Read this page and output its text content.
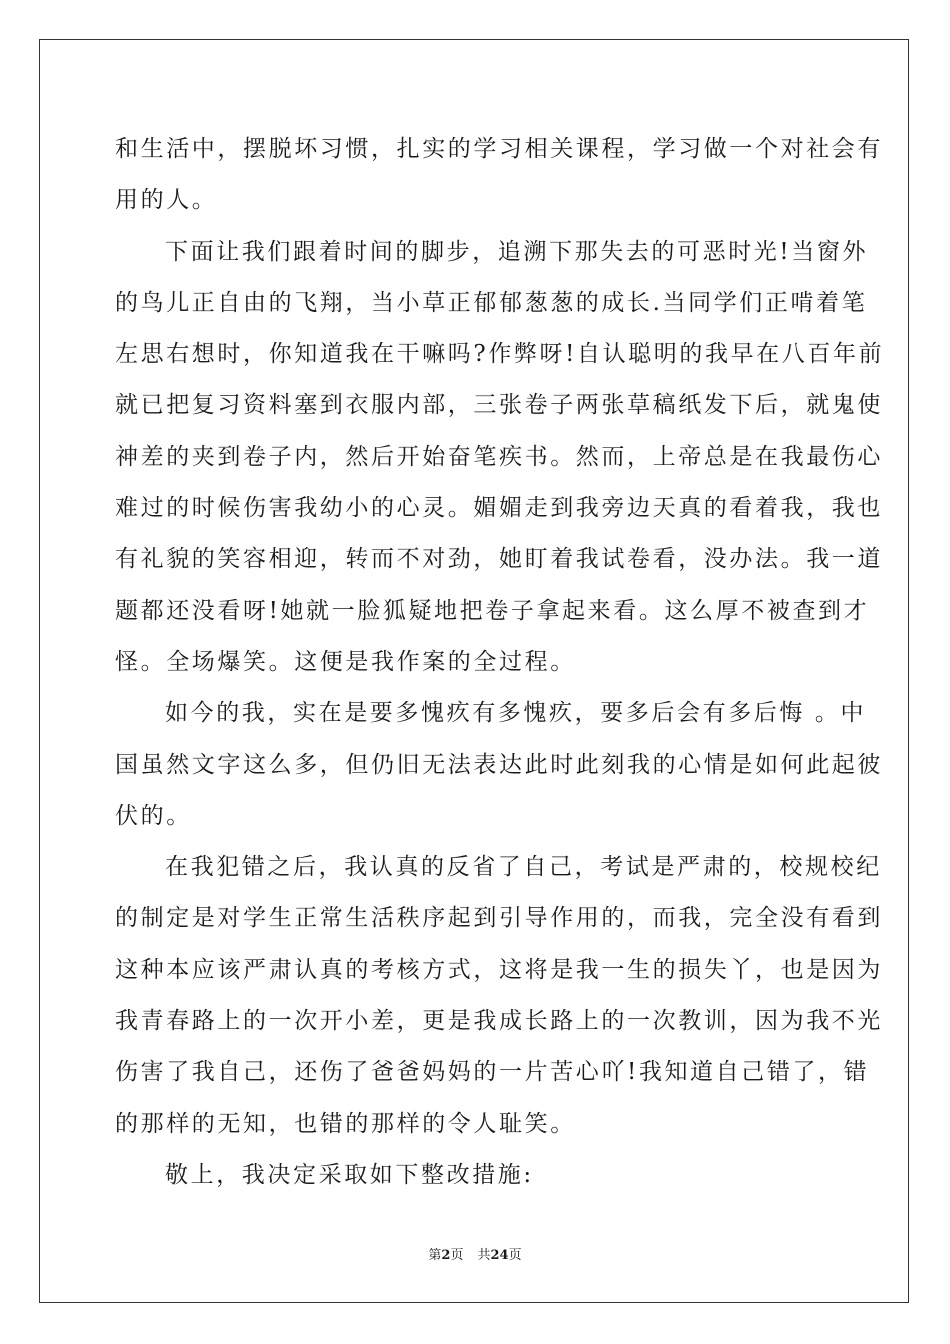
和生活中，摆脱坏习惯，扎实的学习相关课程，学习做一个对社会有
用的人。
下面让我们跟着时间的脚步，追溯下那失去的可恶时光!当窗外
的鸟儿正自由的飞翔，当小草正郁郁葱葱的成长.当同学们正啃着笔
左思右想时，你知道我在干嘛吗?作弊呀!自认聪明的我早在八百年前
就已把复习资料塞到衣服内部，三张卷子两张草稿纸发下后，就鬼使
神差的夹到卷子内，然后开始奋笔疾书。然而，上帝总是在我最伤心
难过的时候伤害我幼小的心灵。媚媚走到我旁边天真的看着我，我也
有礼貌的笑容相迎，转而不对劲，她盯着我试卷看，没办法。我一道
题都还没看呀!她就一脸狐疑地把卷子拿起来看。这么厚不被查到才
怪。全场爆笑。这便是我作案的全过程。
如今的我，实在是要多愧疚有多愧疚，要多后会有多后悔 。中
国虽然文字这么多，但仍旧无法表达此时此刻我的心情是如何此起彼
伏的。
在我犯错之后，我认真的反省了自己，考试是严肃的，校规校纪
的制定是对学生正常生活秩序起到引导作用的，而我，完全没有看到
这种本应该严肃认真的考核方式，这将是我一生的损失丫，也是因为
我青春路上的一次开小差，更是我成长路上的一次教训，因为我不光
伤害了我自己，还伤了爸爸妈妈的一片苦心吖!我知道自己错了，错
的那样的无知，也错的那样的令人耻笑。
敬上，我决定采取如下整改措施:
第2页 共24页
